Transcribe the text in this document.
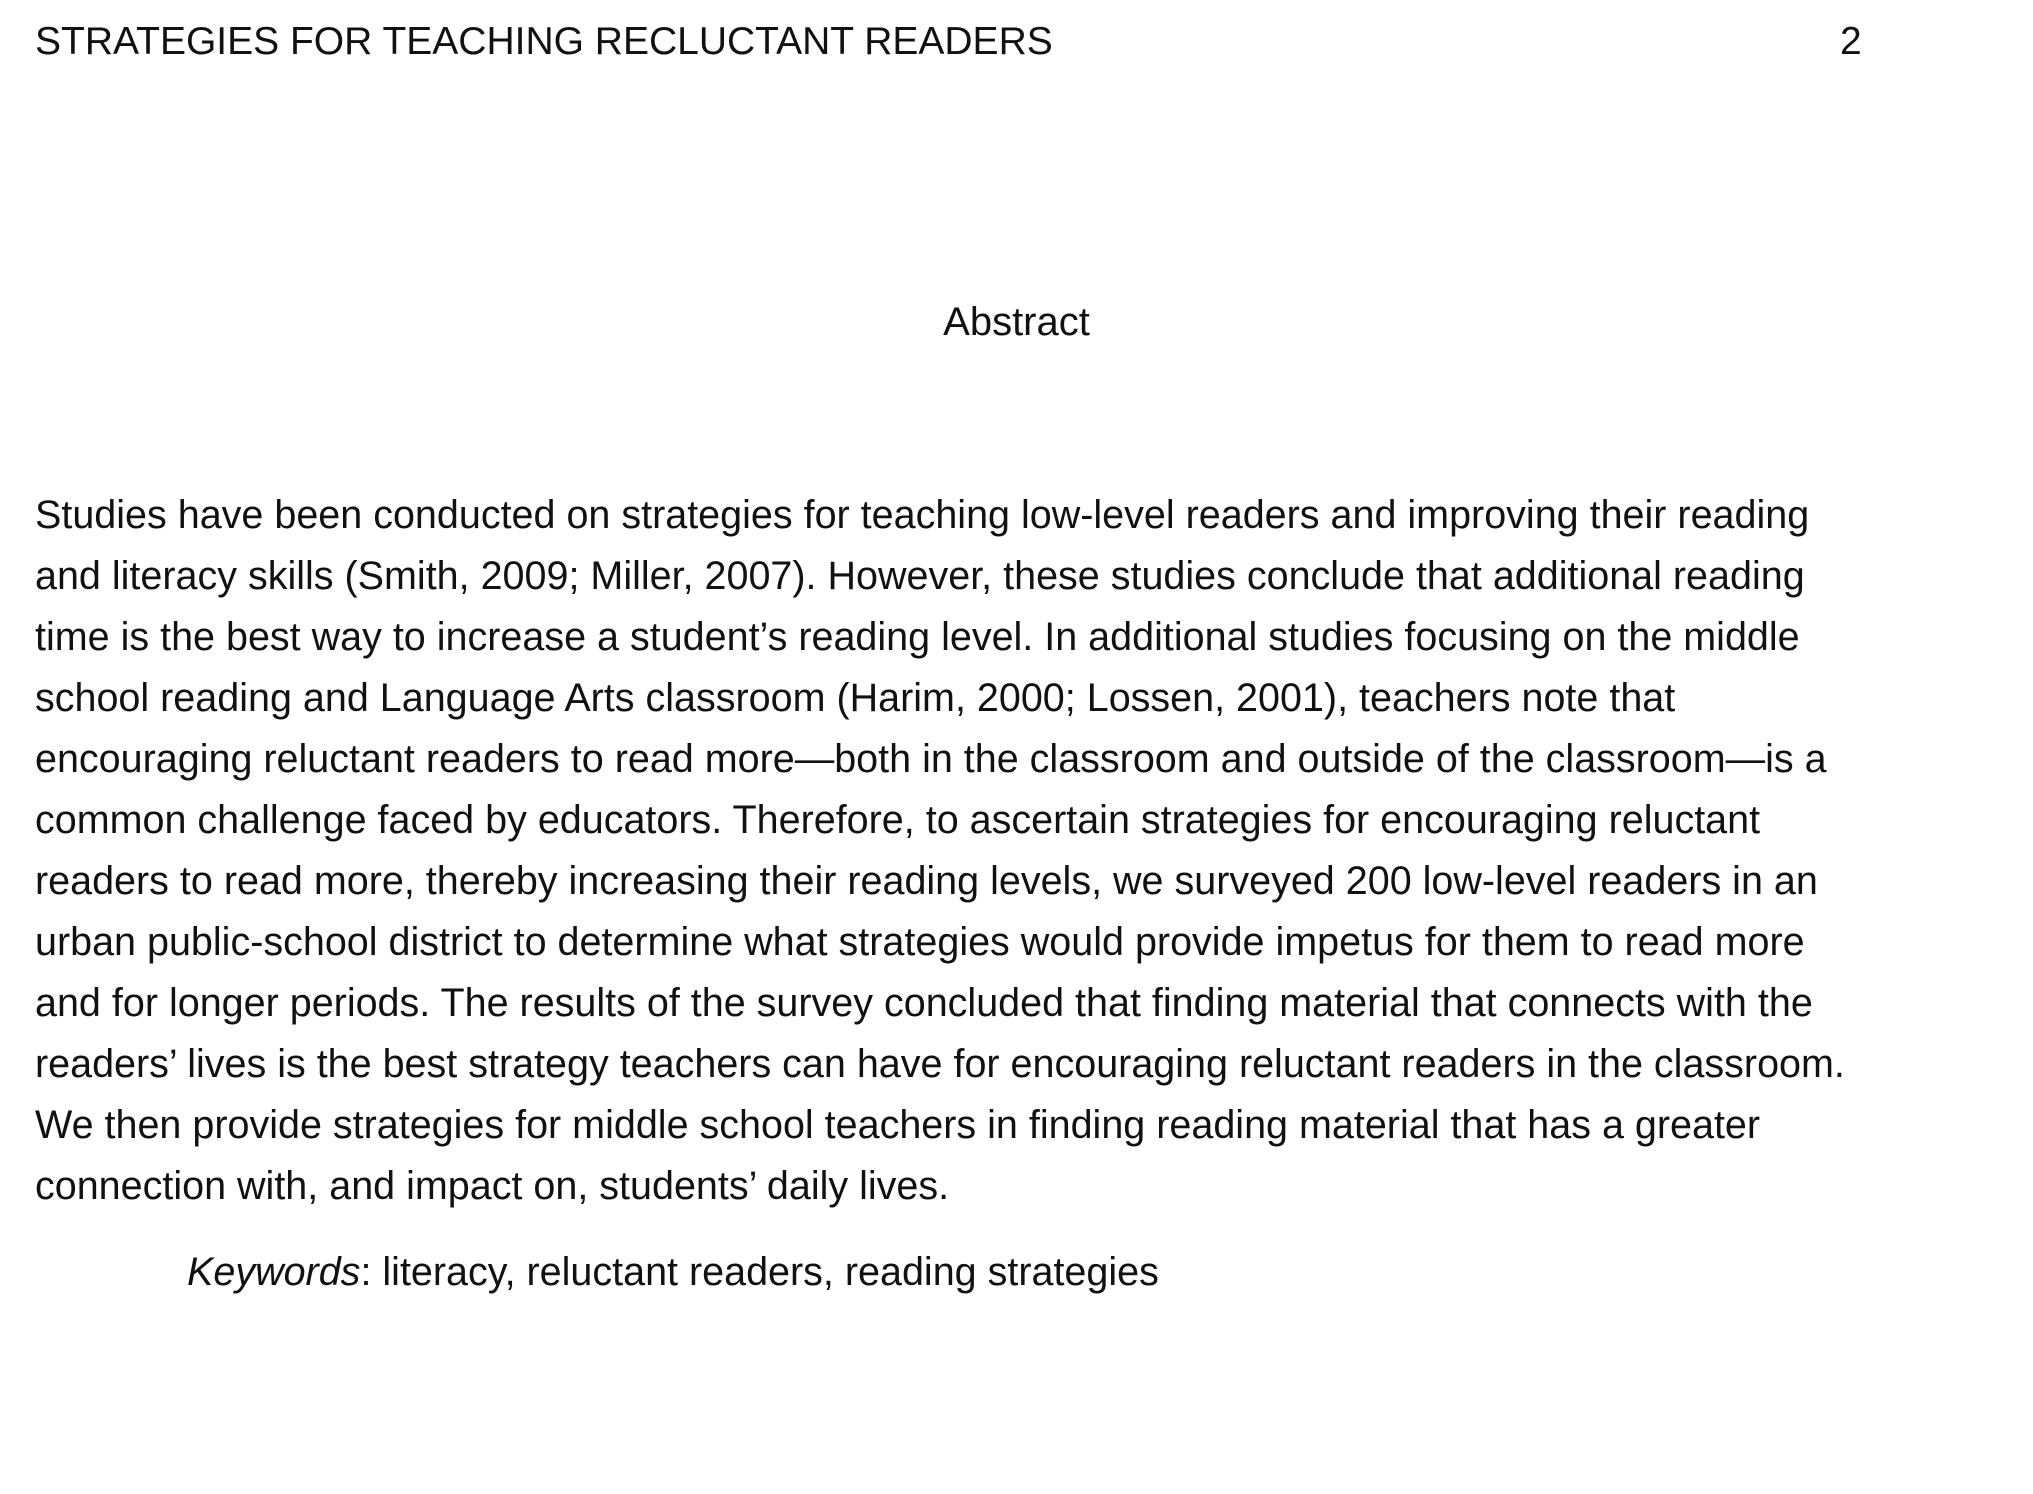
STRATEGIES FOR TEACHING RECLUCTANT READERS	2
Abstract
Studies have been conducted on strategies for teaching low-level readers and improving their reading
and literacy skills (Smith, 2009; Miller, 2007). However, these studies conclude that additional reading
time is the best way to increase a student’s reading level. In additional studies focusing on the middle
school reading and Language Arts classroom (Harim, 2000; Lossen, 2001), teachers note that
encouraging reluctant readers to read more—both in the classroom and outside of the classroom—is a
common challenge faced by educators. Therefore, to ascertain strategies for encouraging reluctant
readers to read more, thereby increasing their reading levels, we surveyed 200 low-level readers in an
urban public-school district to determine what strategies would provide impetus for them to read more
and for longer periods. The results of the survey concluded that finding material that connects with the
readers’ lives is the best strategy teachers can have for encouraging reluctant readers in the classroom.
We then provide strategies for middle school teachers in finding reading material that has a greater
connection with, and impact on, students’ daily lives.
Keywords: literacy, reluctant readers, reading strategies
